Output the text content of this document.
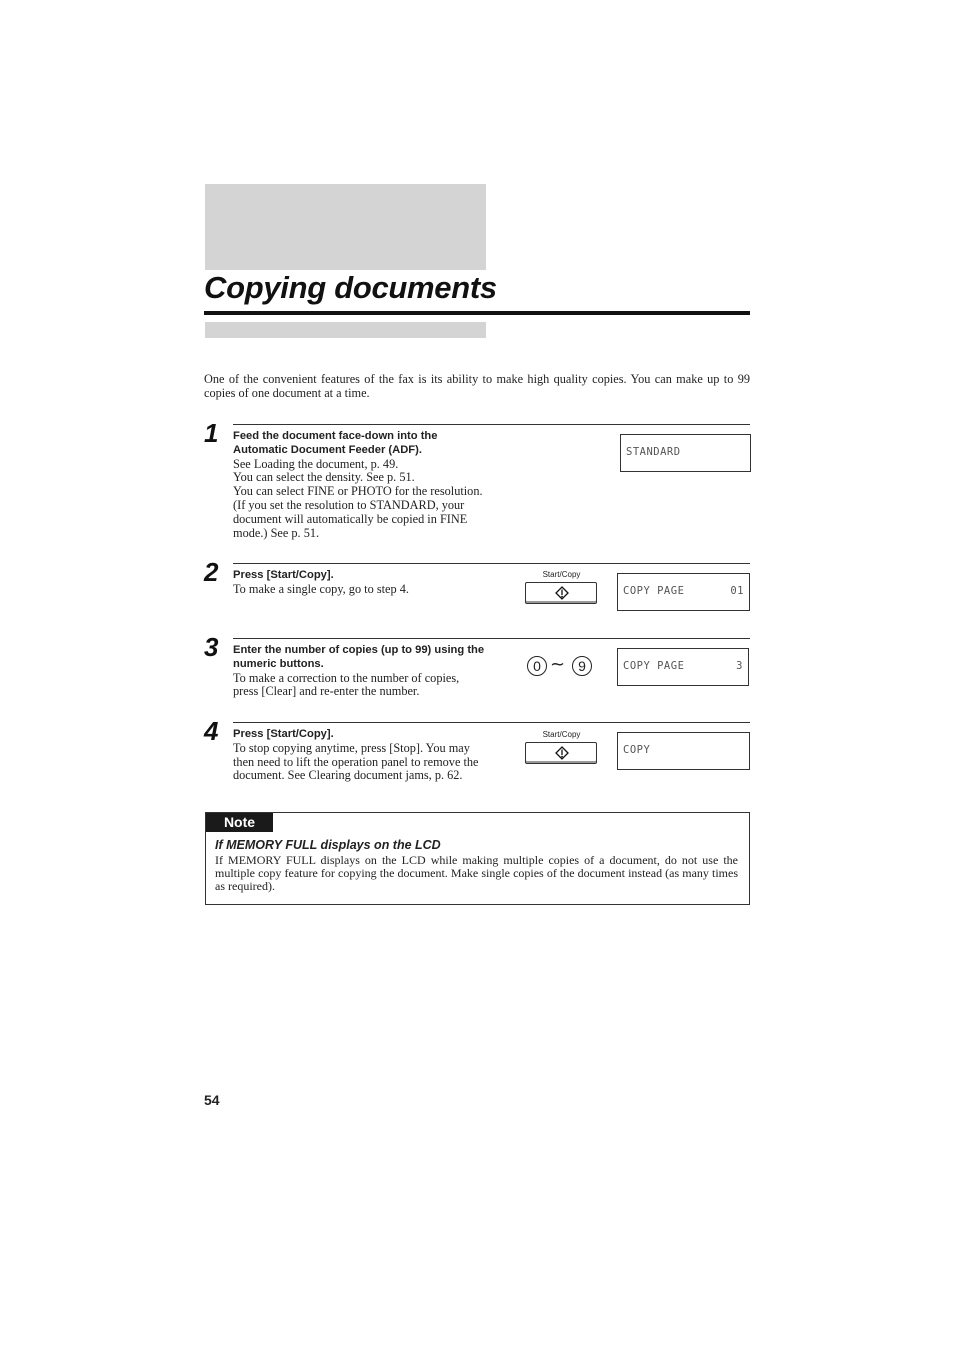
Copying documents
One of the convenient features of the fax is its ability to make high quality copies. You can make up to 99 copies of one document at a time.
1 Feed the document face-down into the Automatic Document Feeder (ADF).
See Loading the document, p. 49.
You can select the density. See p. 51.
You can select FINE or PHOTO for the resolution.
(If you set the resolution to STANDARD, your
document will automatically be copied in FINE
mode.) See p. 51.
STANDARD
2 Press [Start/Copy].
To make a single copy, go to step 4.
Start/Copy
COPY PAGE	01
3 Enter the number of copies (up to 99) using the numeric buttons.
To make a correction to the number of copies,
press [Clear] and re-enter the number.
0 ~ 9	COPY PAGE	3
4 Press [Start/Copy].
To stop copying anytime, press [Stop]. You may
then need to lift the operation panel to remove the
document. See Clearing document jams, p. 62.
Start/Copy
COPY
Note
If MEMORY FULL displays on the LCD
If MEMORY FULL displays on the LCD while making multiple copies of a document, do not use the multiple copy feature for copying the document. Make single copies of the document instead (as many times as required).
54
